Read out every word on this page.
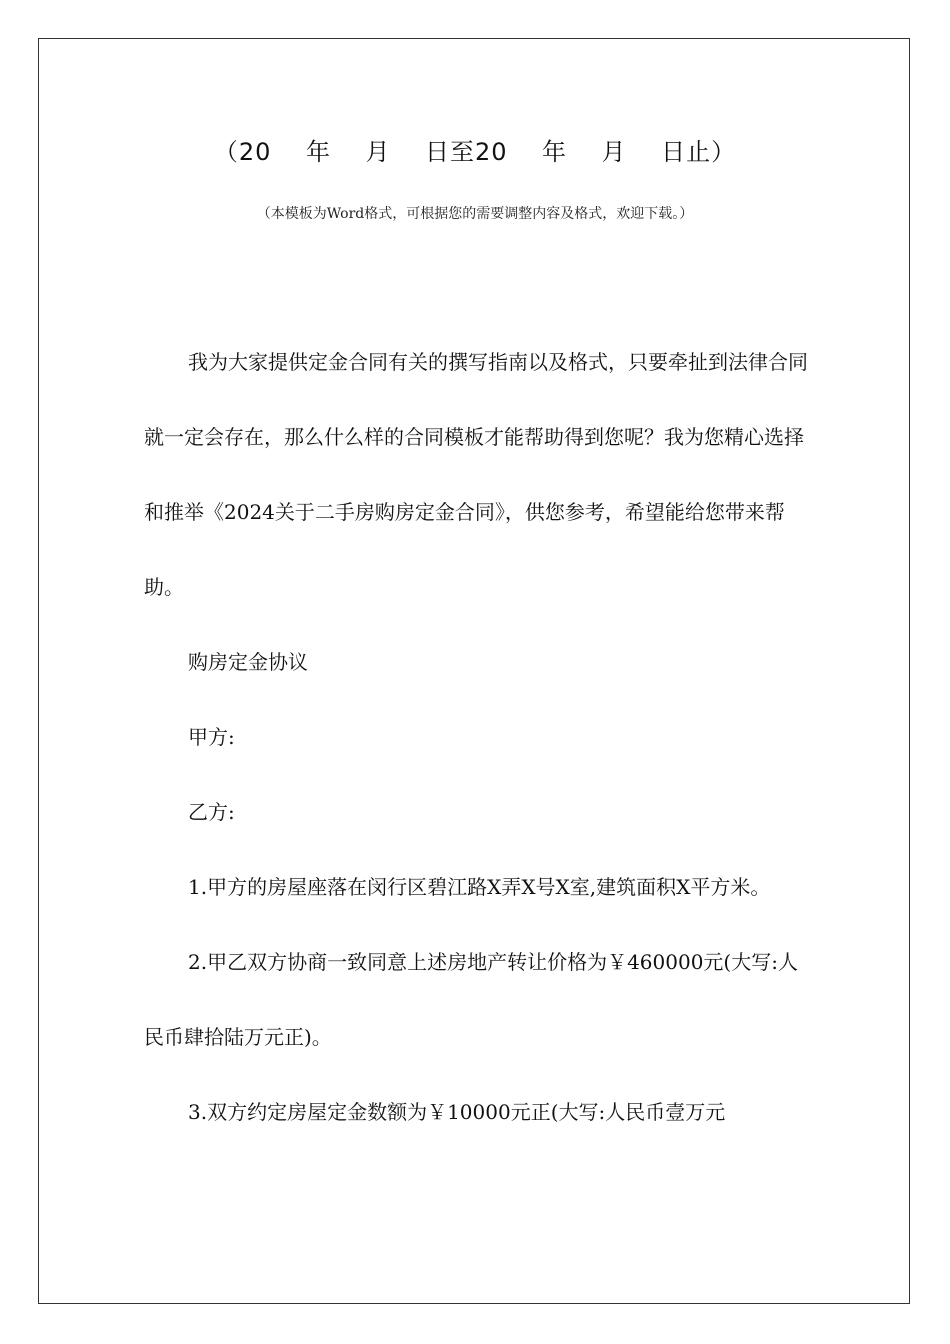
（20    年    月    日至20    年    月    日止）
（本模板为Word格式，可根据您的需要调整内容及格式，欢迎下载。）

我为大家提供定金合同有关的撰写指南以及格式，只要牵扯到法律合同就一定会存在，那么什么样的合同模板才能帮助得到您呢？我为您精心选择和推举《2024关于二手房购房定金合同》，供您参考，希望能给您带来帮助。

购房定金协议

甲方:

乙方:

1.甲方的房屋座落在闵行区碧江路X弄X号X室,建筑面积X平方米。

2.甲乙双方协商一致同意上述房地产转让价格为￥460000元(大写:人民币肆拾陆万元正)。

3.双方约定房屋定金数额为￥10000元正(大写:人民币壹万元
